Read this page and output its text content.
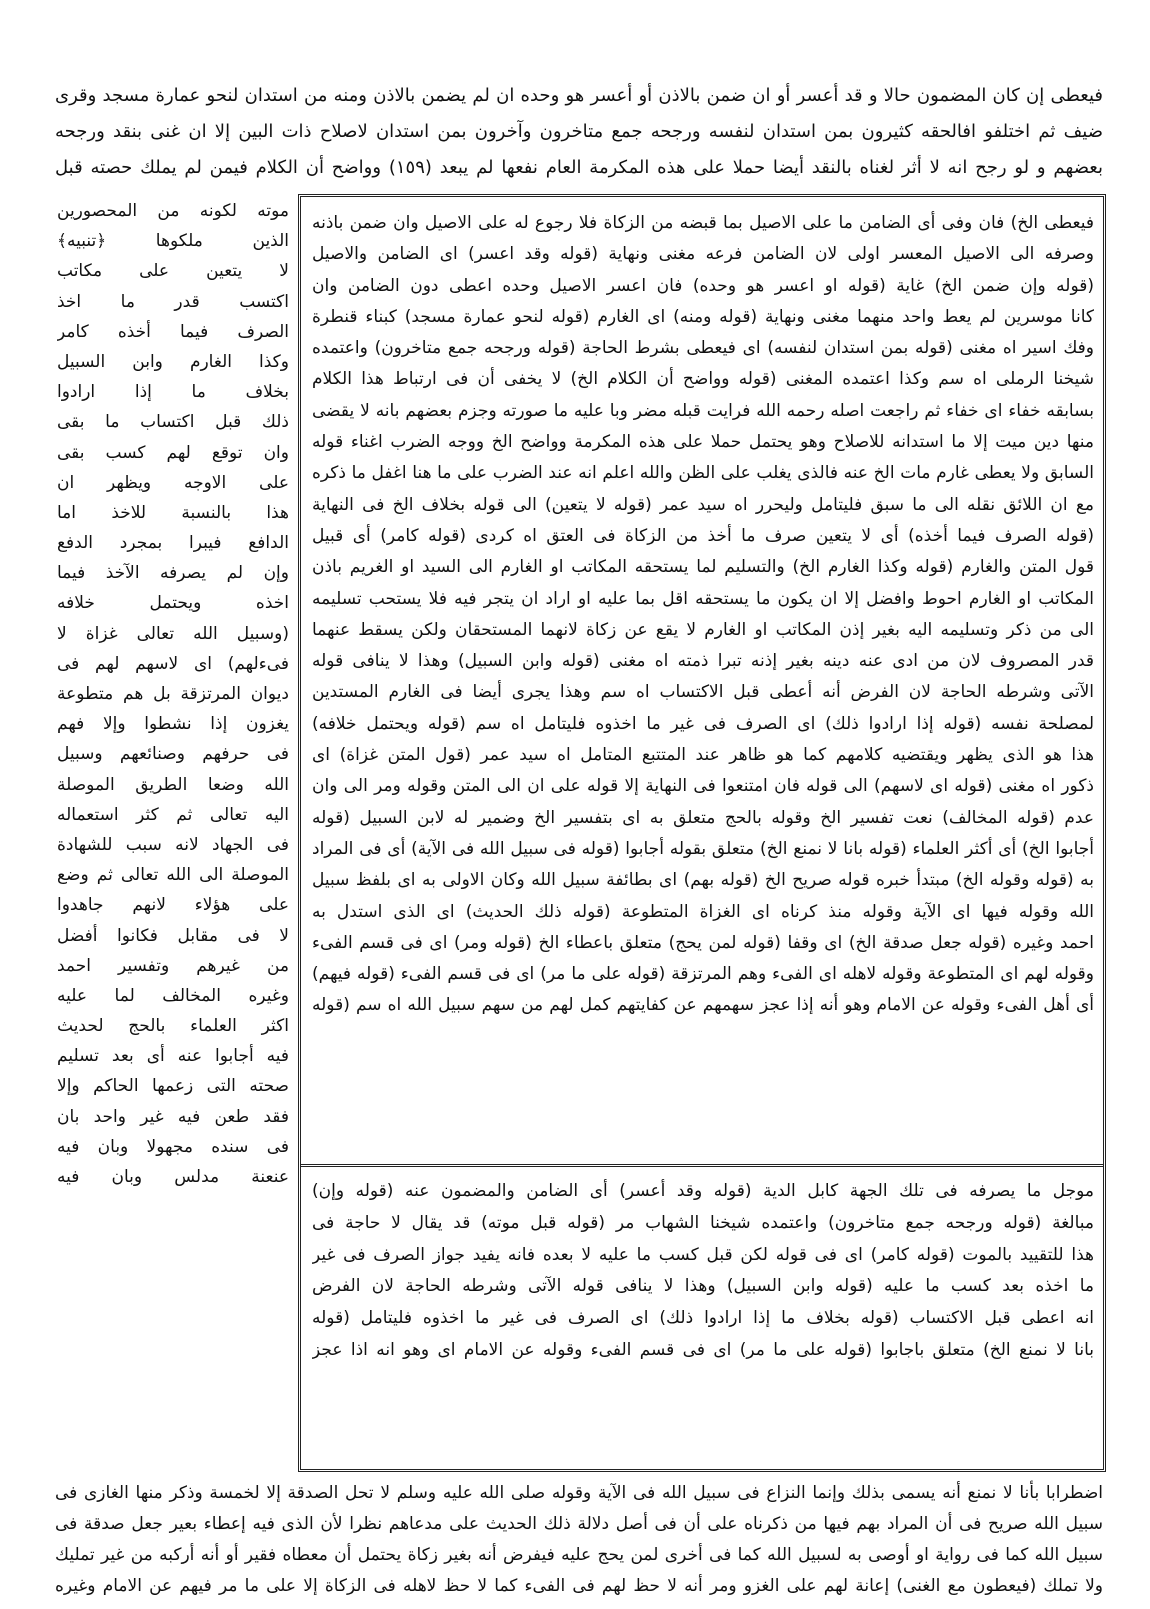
فيعطى إن كان المضمون حالا و قد أعسر أو ان ضمن بالاذن أو أعسر هو وحده ان لم يضمن بالاذن ومنه من استدان لنحو عمارة مسجد وقرى
ضيف ثم اختلفو افالحقه كثيرون بمن استدان لنفسه ورجحه جمع متاخرون وآخرون بمن استدان لاصلاح ذات البين إلا ان غنى بنقد ورجحه
بعضهم و لو رجح انه لا أثر لغناه بالنقد أيضا حملا على هذه المكرمة العام نفعها لم يبعد (١٥٩) وواضح أن الكلام فيمن لم يملك حصته قبل
فيعطى الخ) فان وفى أى الضامن ما على الاصيل بما قبضه من الزكاة فلا رجوع له على الاصيل وان ضمن باذنه
وصرفه الى الاصيل المعسر اولى لان الضامن فرعه مغنى ونهاية (قوله وقد اعسر) اى الضامن والاصيل
(قوله وإن ضمن الخ) غاية (قوله او اعسر هو وحده) فان اعسر الاصيل وحده اعطى دون الضامن وان
كانا موسرين لم يعط واحد منهما مغنى ونهاية (قوله ومنه) اى الغارم (قوله لنحو عمارة مسجد) كبناء قنطرة
وفك اسير اه مغنى (قوله بمن استدان لنفسه) اى فيعطى بشرط الحاجة (قوله ورجحه جمع متاخرون) واعتمده
شيخنا الرملى اه سم وكذا اعتمده المغنى (قوله وواضح أن الكلام الخ) لا يخفى أن فى ارتباط هذا الكلام
بسابقه خفاء اى خفاء ثم راجعت اصله رحمه الله فرايت قبله مضر وبا عليه ما صورته وجزم بعضهم بانه لا يقضى
منها دين ميت إلا ما استدانه للاصلاح وهو يحتمل حملا على هذه المكرمة وواضح الخ ووجه الضرب اغناء قوله
السابق ولا يعطى غارم مات الخ عنه فالذى يغلب على الظن والله اعلم انه عند الضرب على ما هنا اغفل ما ذكره
مع ان اللائق نقله الى ما سبق فليتامل وليحرر اه سيد عمر (قوله لا يتعين) الى قوله بخلاف الخ فى النهاية
(قوله الصرف فيما أخذه) أى لا يتعين صرف ما أخذ من الزكاة فى العتق اه كردى (قوله كامر) أى قبيل
قول المتن والغارم (قوله وكذا الغارم الخ) والتسليم لما يستحقه المكاتب او الغارم الى السيد او الغريم باذن
المكاتب او الغارم احوط وافضل إلا ان يكون ما يستحقه اقل بما عليه او اراد ان يتجر فيه فلا يستحب تسليمه
الى من ذكر وتسليمه اليه بغير إذن المكاتب او الغارم لا يقع عن زكاة لانهما المستحقان ولكن يسقط عنهما
قدر المصروف لان من ادى عنه دينه بغير إذنه تبرا ذمته اه مغنى (قوله وابن السبيل) وهذا لا ينافى قوله
الآتى وشرطه الحاجة لان الفرض أنه أعطى قبل الاكتساب اه سم وهذا يجرى أيضا فى الغارم المستدين
لمصلحة نفسه (قوله إذا ارادوا ذلك) اى الصرف فى غير ما اخذوه فليتامل اه سم (قوله ويحتمل خلافه)
هذا هو الذى يظهر ويقتضيه كلامهم كما هو ظاهر عند المتتبع المتامل اه سيد عمر (قول المتن غزاة) اى
ذكور اه مغنى (قوله اى لاسهم) الى قوله فان امتنعوا فى النهاية إلا قوله على ان الى المتن وقوله ومر الى وان
عدم (قوله المخالف) نعت تفسير الخ وقوله بالحج متعلق به اى بتفسير الخ وضمير له لابن السبيل (قوله
أجابوا الخ) أى أكثر العلماء (قوله بانا لا نمنع الخ) متعلق بقوله أجابوا (قوله فى سبيل الله فى الآية) أى فى المراد
به (قوله وقوله الخ) مبتدأ خبره قوله صريح الخ (قوله بهم) اى بطائفة سبيل الله وكان الاولى به اى بلفظ سبيل
الله وقوله فيها اى الآية وقوله منذ كرناه اى الغزاة المتطوعة (قوله ذلك الحديث) اى الذى استدل به
احمد وغيره (قوله جعل صدقة الخ) اى وقفا (قوله لمن يحج) متعلق باعطاء الخ (قوله ومر) اى فى قسم الفىء
وقوله لهم اى المتطوعة وقوله لاهله اى الفىء وهم المرتزقة (قوله على ما مر) اى فى قسم الفىء (قوله فيهم)
أى أهل الفىء وقوله عن الامام وهو أنه إذا عجز سهمهم عن كفايتهم كمل لهم من سهم سبيل الله اه سم (قوله
موجل ما يصرفه فى تلك الجهة كابل الدية (قوله وقد أعسر) أى الضامن والمضمون عنه (قوله وإن)
مبالغة (قوله ورجحه جمع متاخرون) واعتمده شيخنا الشهاب مر (قوله قبل موته) قد يقال لا حاجة فى
هذا للتقييد بالموت (قوله كامر) اى فى قوله لكن قبل كسب ما عليه لا بعده فانه يفيد جواز الصرف فى غير
ما اخذه بعد كسب ما عليه (قوله وابن السبيل) وهذا لا ينافى قوله الآتى وشرطه الحاجة لان الفرض
انه اعطى قبل الاكتساب (قوله بخلاف ما إذا ارادوا ذلك) اى الصرف فى غير ما اخذوه فليتامل (قوله
بانا لا نمنع الخ) متعلق باجابوا (قوله على ما مر) اى فى قسم الفىء وقوله عن الامام اى وهو انه اذا عجز
موته لكونه من المحصورين
الذين ملكوها ﴿تنبيه﴾
لا يتعين على مكاتب
اكتسب قدر ما اخذ
الصرف فيما أخذه كامر
وكذا الغارم وابن السبيل
بخلاف ما إذا ارادوا
ذلك قبل اكتساب ما بقى
وان توقع لهم كسب بقى
على الاوجه ويظهر ان
هذا بالنسبة للاخذ اما
الدافع فيبرا بمجرد الدفع
وإن لم يصرفه الآخذ فيما
اخذه ويحتمل خلافه
(وسبيل الله تعالى غزاة لا
فىءلهم) اى لاسهم لهم فى
ديوان المرتزقة بل هم متطوعة
يغزون إذا نشطوا وإلا فهم
فى حرفهم وصنائعهم وسبيل
الله وضعا الطريق الموصلة
اليه تعالى ثم كثر استعماله
فى الجهاد لانه سبب للشهادة
الموصلة الى الله تعالى ثم وضع
على هؤلاء لانهم جاهدوا
لا فى مقابل فكانوا أفضل
من غيرهم وتفسير احمد
وغيره المخالف لما عليه
اكثر العلماء بالحج لحديث
فيه أجابوا عنه أى بعد تسليم
صحته التى زعمها الحاكم وإلا
فقد طعن فيه غير واحد بان
فى سنده مجهولا وبان فيه
عنعنة مدلس وبان فيه
اضطرابا بأنا لا نمنع أنه يسمى بذلك وإنما النزاع فى سبيل الله فى الآية وقوله صلى الله عليه وسلم لا تحل الصدقة إلا لخمسة وذكر منها الغازى فى
سبيل الله صريح فى أن المراد بهم فيها من ذكرناه على أن فى أصل دلالة ذلك الحديث على مدعاهم نظرا لأن الذى فيه إعطاء بعير جعل صدقة فى
سبيل الله كما فى رواية او أوصى به لسبيل الله كما فى أخرى لمن يحج عليه فيفرض أنه بغير زكاة يحتمل أن معطاه فقير أو أنه أركبه من غير تمليك
ولا تملك (فيعطون مع الغنى) إعانة لهم على الغزو ومر أنه لا حظ لهم فى الفىء كما لا حظ لاهله فى الزكاة إلا على ما مر فيهم عن الامام وغيره
